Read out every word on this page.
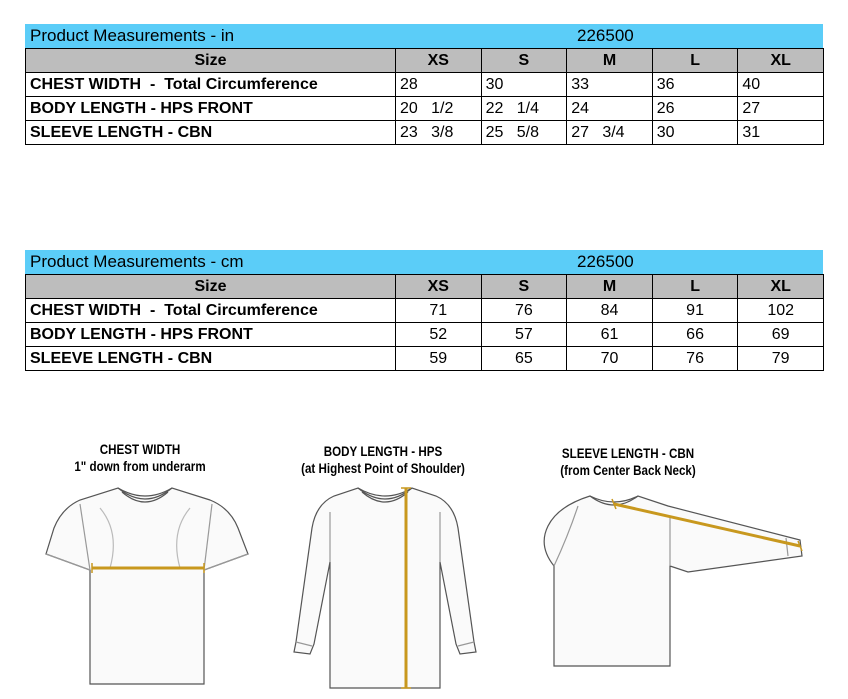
Product Measurements - in	226500
Size	XS	S	M	L	XL
CHEST WIDTH  -  Total Circumference	28	30	33	36	40
BODY LENGTH - HPS FRONT	20   1/2	22   1/4	24	26	27
SLEEVE LENGTH - CBN	23   3/8	25   5/8	27   3/4	30	31
Product Measurements - cm	226500
Size	XS	S	M	L	XL
CHEST WIDTH  -  Total Circumference	71	76	84	91	102
BODY LENGTH - HPS FRONT	52	57	61	66	69
SLEEVE LENGTH - CBN	59	65	70	76	79
CHEST WIDTH
1" down from underarm
BODY LENGTH - HPS
(at Highest Point of Shoulder)
SLEEVE LENGTH - CBN
(from Center Back Neck)
